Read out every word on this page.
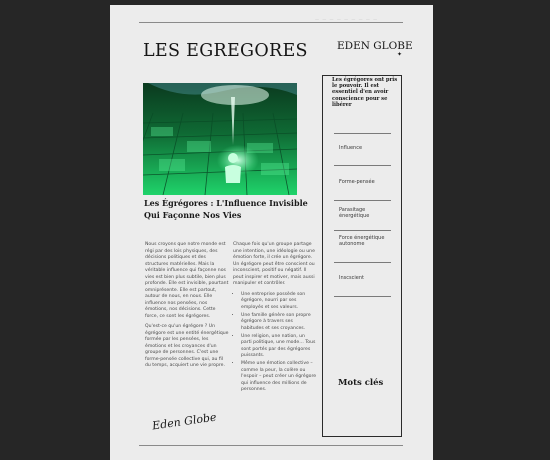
— — — — — — — — —
LES EGREGORES	EDEN GLOBE
✦
Les Égrégores : L'Influence Invisible Qui Façonne Nos Vies

Nous croyons que notre monde est régi par des lois physiques, des décisions politiques et des structures matérielles. Mais la véritable influence qui façonne nos vies est bien plus subtile, bien plus profonde. Elle est invisible, pourtant omniprésente. Elle est partout, autour de nous, en nous. Elle influence nos pensées, nos émotions, nos décisions. Cette force, ce sont les égrégores.

Qu'est-ce qu'un égrégore ? Un égrégore est une entité énergétique formée par les pensées, les émotions et les croyances d'un groupe de personnes. C'est une forme-pensée collective qui, au fil du temps, acquiert une vie propre.

Chaque fois qu'un groupe partage une intention, une idéologie ou une émotion forte, il crée un égrégore. Un égrégore peut être conscient ou inconscient, positif ou négatif. Il peut inspirer et motiver, mais aussi manipuler et contrôler.

• Une entreprise possède son égrégore, nourri par ses employés et ses valeurs.
• Une famille génère son propre égrégore à travers ses habitudes et ses croyances.
• Une religion, une nation, un parti politique, une mode… Tous sont portés par des égrégores puissants.
• Même une émotion collective – comme la peur, la colère ou l'espoir – peut créer un égrégore qui influence des millions de personnes.
Eden Globe

Les égrégores ont pris le pouvoir. Il est essentiel d'en avoir conscience pour se libérer

Influence
Forme-pensée
Parasitage énergétique
Force énergétique autonome
Inscscient
Mots clés
